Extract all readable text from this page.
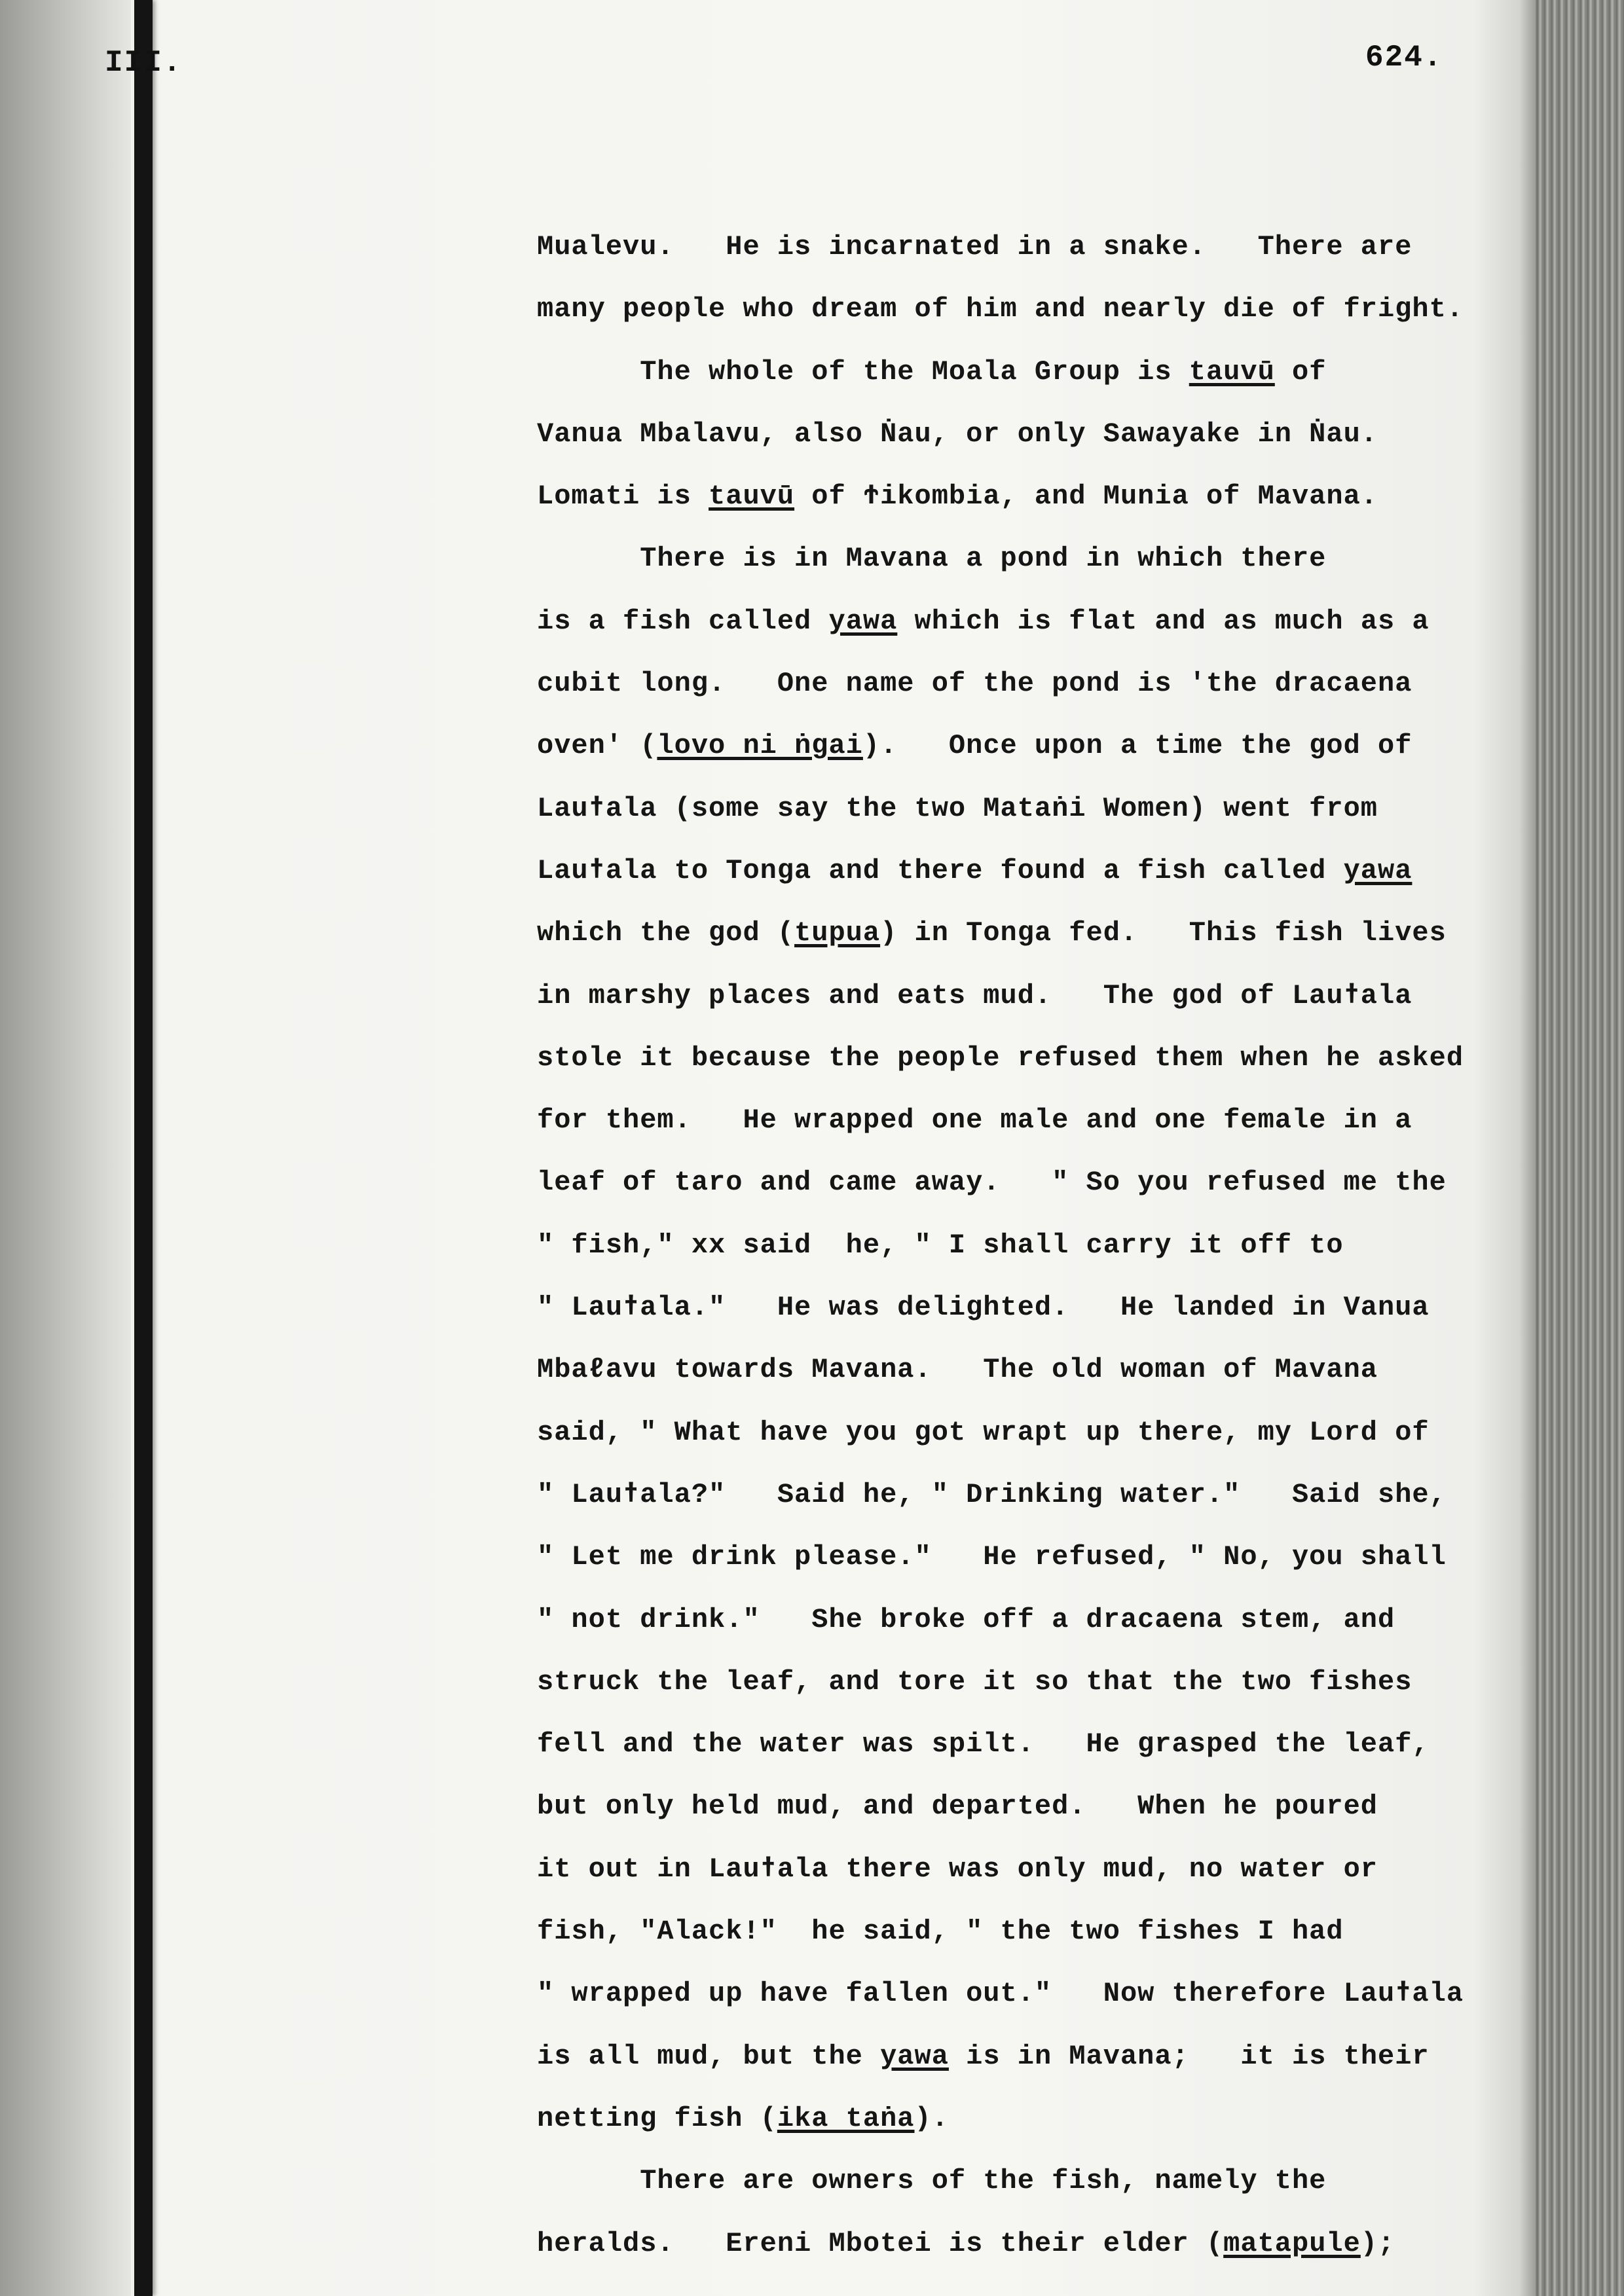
III.	624.
Mualevu.   He is incarnated in a snake.   There are
many people who dream of him and nearly die of fright.
The whole of the Moala Group is tauvū of
Vanua Mbalavu, also Ṅau, or only Sawayake in Ṅau.
Lomati is tauvū of Ϯikombia, and Munia of Mavana.
There is in Mavana a pond in which there
is a fish called yawa which is flat and as much as a
cubit long.   One name of the pond is 'the dracaena
oven' (lovo ni ṅgai).   Once upon a time the god of
Lauϯala (some say the two Mataṅi Women) went from
Lauϯala to Tonga and there found a fish called yawa
which the god (tupua) in Tonga fed.   This fish lives
in marshy places and eats mud.   The god of Lauϯala
stole it because the people refused them when he asked
for them.   He wrapped one male and one female in a
leaf of taro and came away.   " So you refused me the
" fish," xx said  he, " I shall carry it off to
" Lauϯala."   He was delighted.   He landed in Vanua
Mbaℓavu towards Mavana.   The old woman of Mavana
said, " What have you got wrapt up there, my Lord of
" Lauϯala?"   Said he, " Drinking water."   Said she,
" Let me drink please."   He refused, " No, you shall
" not drink."   She broke off a dracaena stem, and
struck the leaf, and tore it so that the two fishes
fell and the water was spilt.   He grasped the leaf,
but only held mud, and departed.   When he poured
it out in Lauϯala there was only mud, no water or
fish, "Alack!"  he said, " the two fishes I had
" wrapped up have fallen out."   Now therefore Lauϯala
is all mud, but the yawa is in Mavana;   it is their
netting fish (ika taṅa).
There are owners of the fish, namely the
heralds.   Ereni Mbotei is their elder (matapule);
